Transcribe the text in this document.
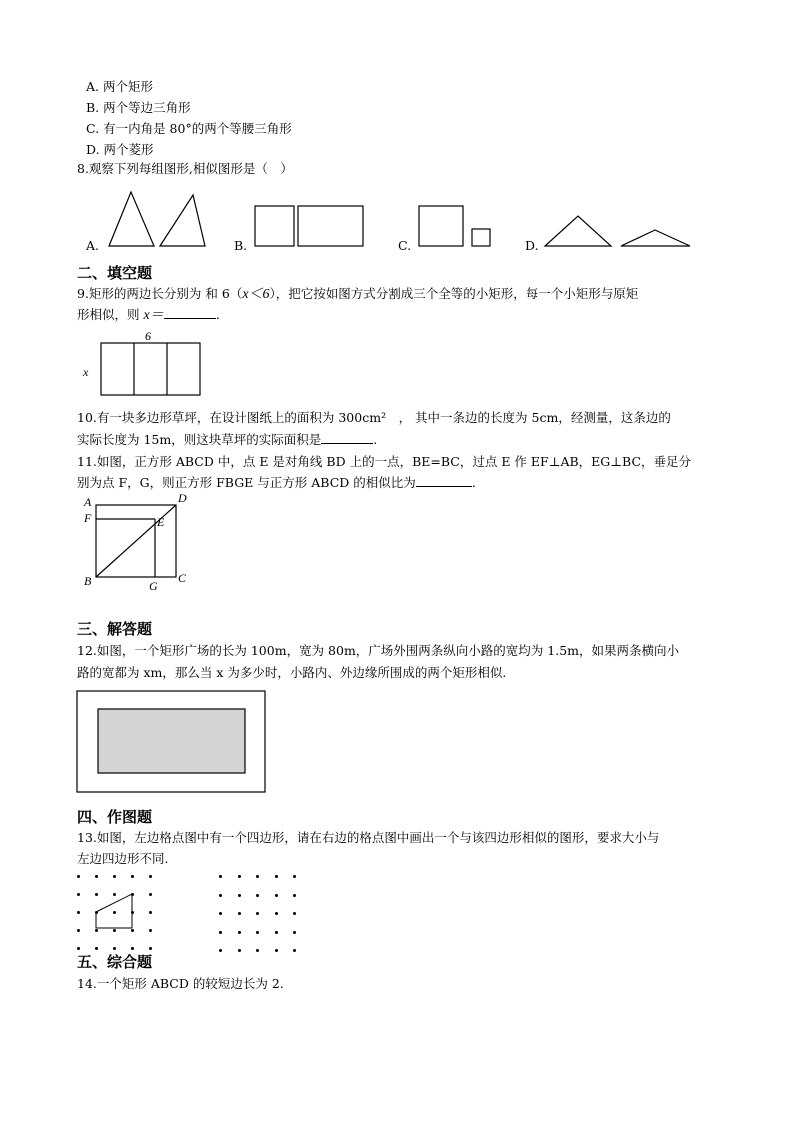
A. 两个矩形
B. 两个等边三角形
C. 有一内角是 80°的两个等腰三角形
D. 两个菱形
8.观察下列每组图形,相似图形是（　）
A.	B.	C.	D.
二、填空题
9.矩形的两边长分别为 和 6（x＜6），把它按如图方式分割成三个全等的小矩形，每一个小矩形与原矩
形相似，则 x＝	.
6
x
10.有一块多边形草坪，在设计图纸上的面积为 300cm²　， 其中一条边的长度为 5cm，经测量，这条边的
实际长度为 15m，则这块草坪的实际面积是	.
11.如图，正方形 ABCD 中，点 E 是对角线 BD 上的一点，BE=BC，过点 E 作 EF⊥AB，EG⊥BC，垂足分
别为点 F，G，则正方形 FBGE 与正方形 ABCD 的相似比为	.
A	D
F	E
B	G
C
三、解答题
12.如图，一个矩形广场的长为 100m，宽为 80m，广场外围两条纵向小路的宽均为 1.5m，如果两条横向小
路的宽都为 xm，那么当 x 为多少时，小路内、外边缘所围成的两个矩形相似.
四、作图题
13.如图，左边格点图中有一个四边形，请在右边的格点图中画出一个与该四边形相似的图形，要求大小与
左边四边形不同.
五、综合题
14.一个矩形 ABCD 的较短边长为 2.
